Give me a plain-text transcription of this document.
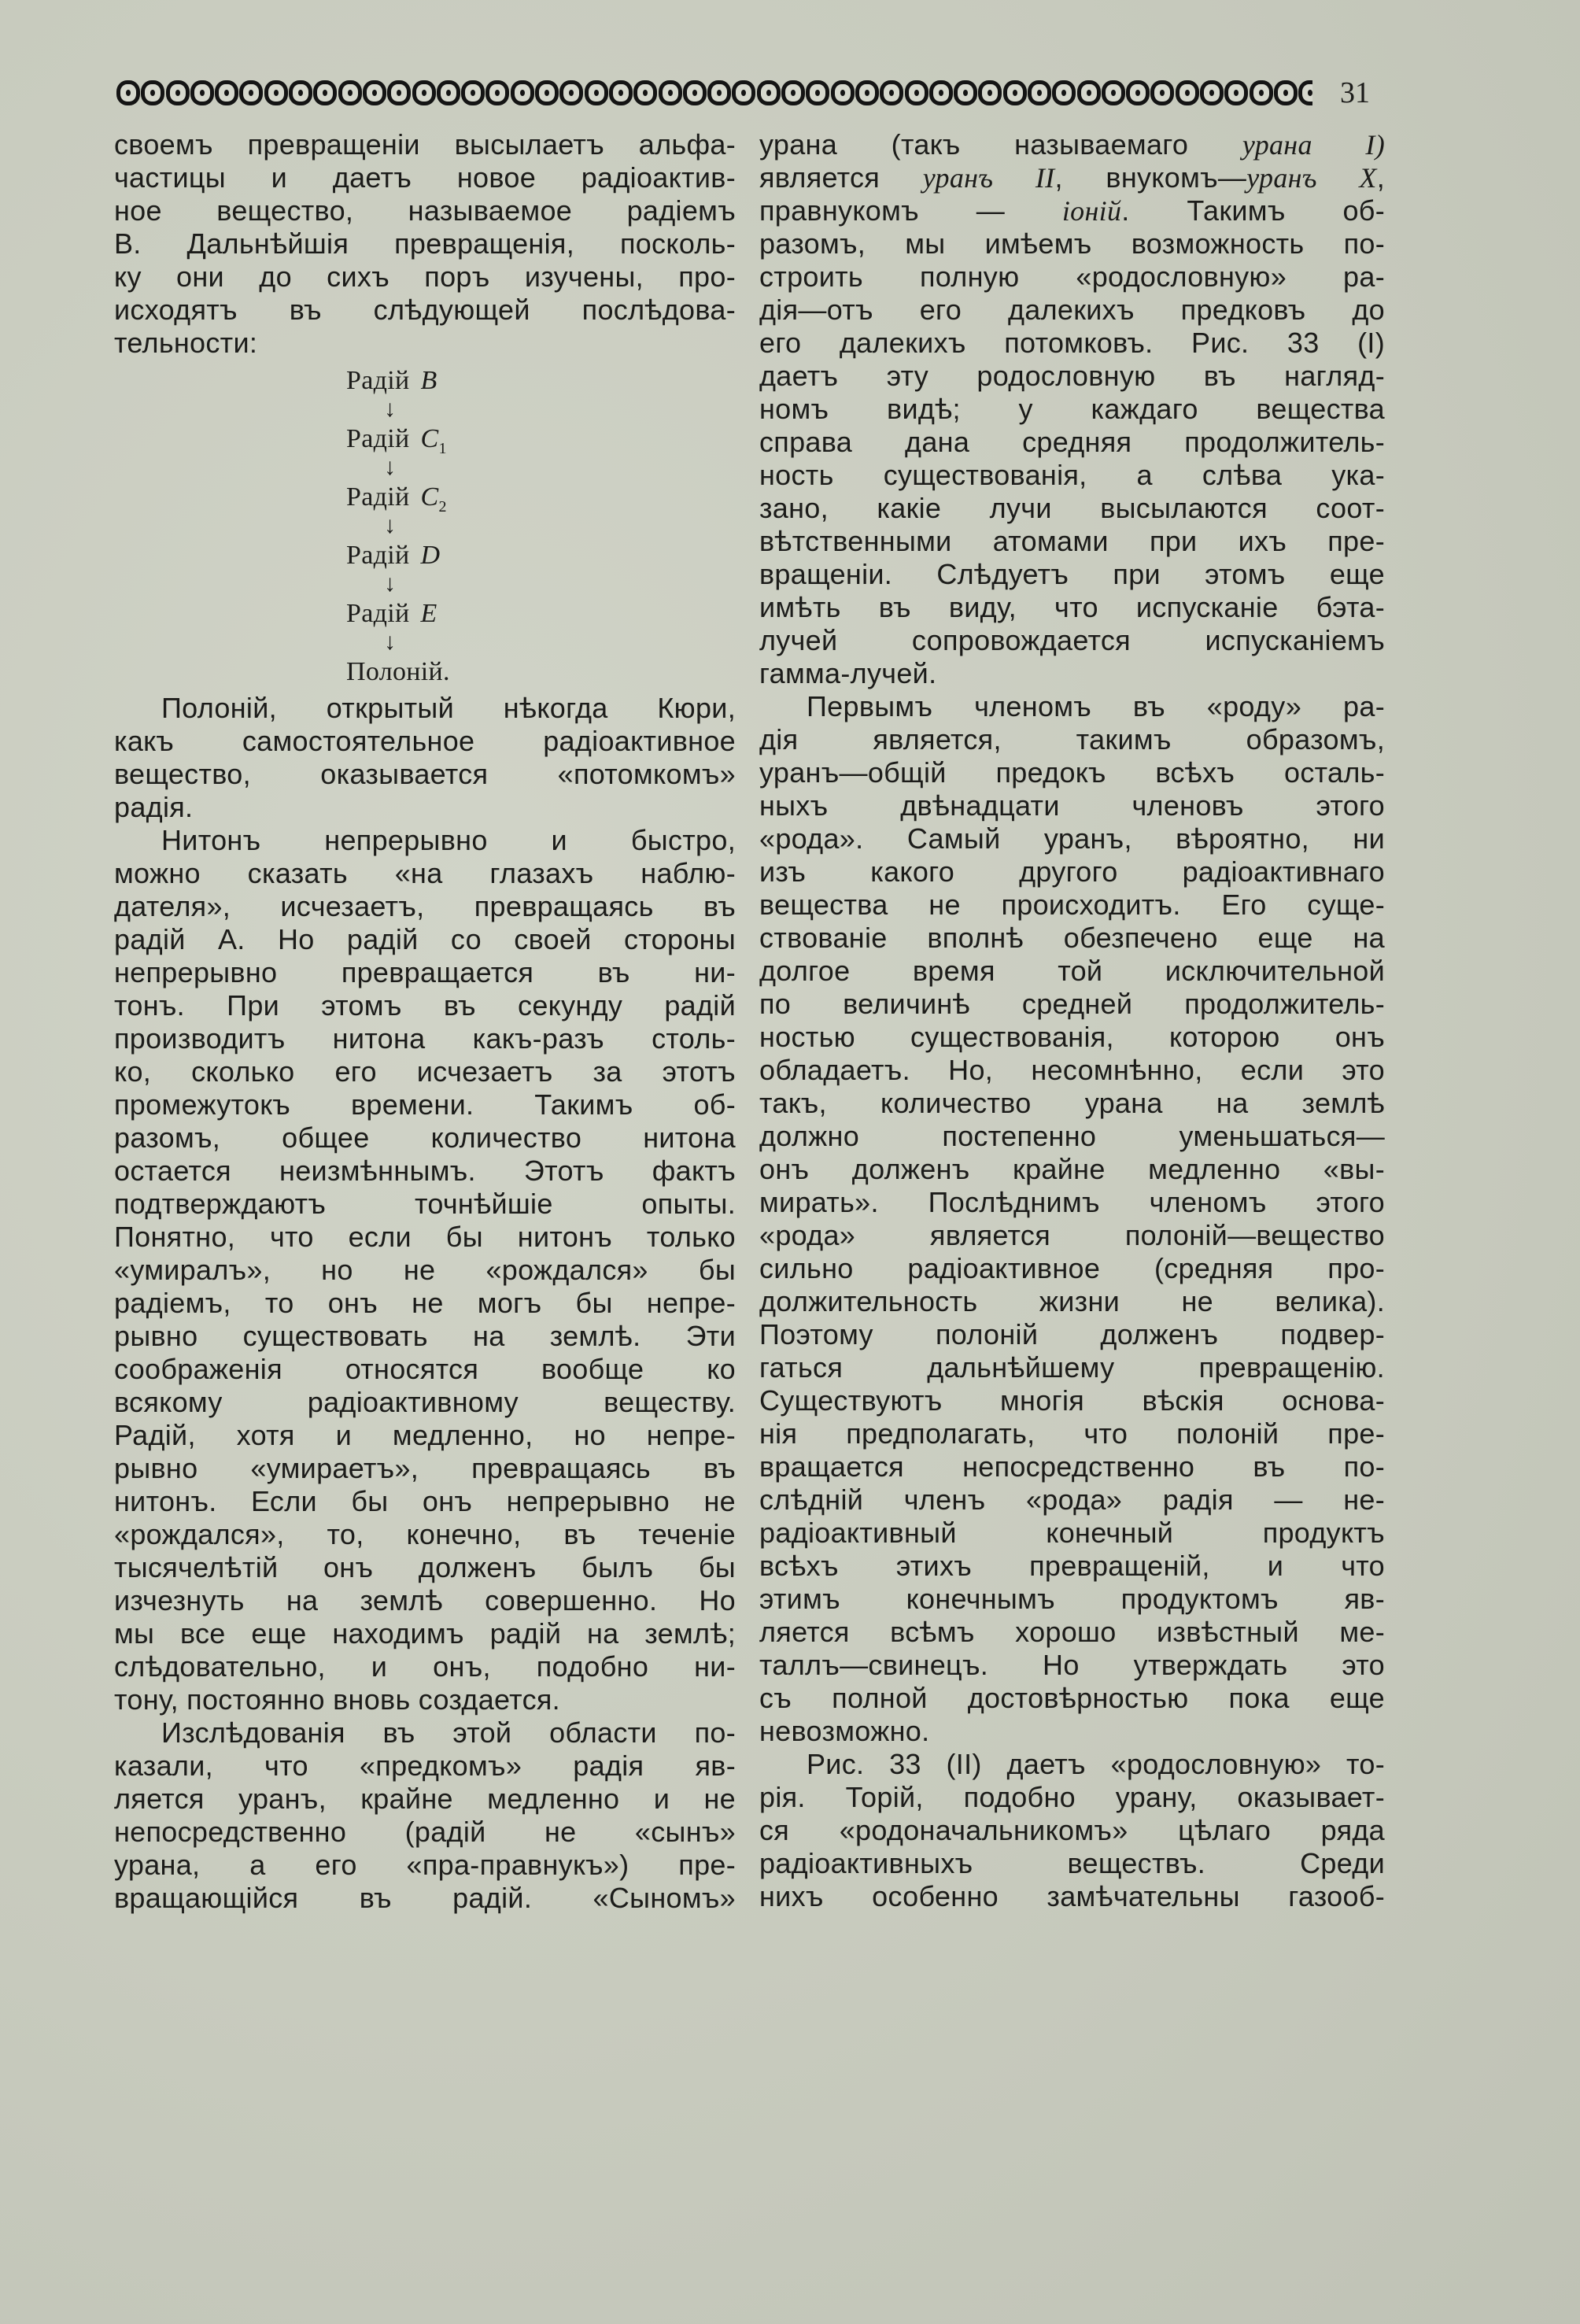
31
своемъ превращеніи высылаетъ альфа-
частицы и даетъ новое радіоактив-
ное вещество, называемое радіемъ
B. Дальнѣйшія превращенія, посколь-
ку они до сихъ поръ изучены, про-
исходятъ въ слѣдующей послѣдова-
тельности:
Радій B
↓
Радій $C_1$
↓
Радій $C_2$
↓
Радій D
↓
Радій E
↓
Полоній.
Полоній, открытый нѣкогда Кюри,
какъ самостоятельное радіоактивное
вещество, оказывается «потомкомъ»
радія.
Нитонъ непрерывно и быстро,
можно сказать «на глазахъ наблю-
дателя», исчезаетъ, превращаясь въ
радій A. Но радій со своей стороны
непрерывно превращается въ ни-
тонъ. При этомъ въ секунду радій
производитъ нитона какъ-разъ столь-
ко, сколько его исчезаетъ за этотъ
промежутокъ времени. Такимъ об-
разомъ, общее количество нитона
остается неизмѣннымъ. Этотъ фактъ
подтверждаютъ точнѣйшіе опыты.
Понятно, что если бы нитонъ только
«умиралъ», но не «рождался» бы
радіемъ, то онъ не могъ бы непре-
рывно существовать на землѣ. Эти
соображенія относятся вообще ко
всякому радіоактивному веществу.
Радій, хотя и медленно, но непре-
рывно «умираетъ», превращаясь въ
нитонъ. Если бы онъ непрерывно не
«рождался», то, конечно, въ теченіе
тысячелѣтій онъ долженъ былъ бы
изчезнуть на землѣ совершенно. Но
мы все еще находимъ радій на землѣ;
слѣдовательно, и онъ, подобно ни-
тону, постоянно вновь создается.
Изслѣдованія въ этой области по-
казали, что «предкомъ» радія яв-
ляется уранъ, крайне медленно и не
непосредственно (радій не «сынъ»
урана, а его «пра-правнукъ») пре-
вращающійся въ радій. «Сыномъ»
урана (такъ называемаго урана I)
является уранъ II, внукомъ—уранъ X,
правнукомъ — іоній. Такимъ об-
разомъ, мы имѣемъ возможность по-
строить полную «родословную» ра-
дія—отъ его далекихъ предковъ до
его далекихъ потомковъ. Рис. 33 (I)
даетъ эту родословную въ нагляд-
номъ видѣ; у каждаго вещества
справа дана средняя продолжитель-
ность существованія, а слѣва ука-
зано, какіе лучи высылаются соот-
вѣтственными атомами при ихъ пре-
вращеніи. Слѣдуетъ при этомъ еще
имѣть въ виду, что испусканіе бэта-
лучей сопровождается испусканіемъ
гамма-лучей.
Первымъ членомъ въ «роду» ра-
дія является, такимъ образомъ,
уранъ—общій предокъ всѣхъ осталь-
ныхъ двѣнадцати членовъ этого
«рода». Самый уранъ, вѣроятно, ни
изъ какого другого радіоактивнаго
вещества не происходитъ. Его суще-
ствованіе вполнѣ обезпечено еще на
долгое время той исключительной
по величинѣ средней продолжитель-
ностью существованія, которою онъ
обладаетъ. Но, несомнѣнно, если это
такъ, количество урана на землѣ
должно постепенно уменьшаться—
онъ долженъ крайне медленно «вы-
мирать». Послѣднимъ членомъ этого
«рода» является полоній—вещество
сильно радіоактивное (средняя про-
должительность жизни не велика).
Поэтому полоній долженъ подвер-
гаться дальнѣйшему превращенію.
Существуютъ многія вѣскія основа-
нія предполагать, что полоній пре-
вращается непосредственно въ по-
слѣдній членъ «рода» радія — не-
радіоактивный конечный продуктъ
всѣхъ этихъ превращеній, и что
этимъ конечнымъ продуктомъ яв-
ляется всѣмъ хорошо извѣстный ме-
таллъ—свинецъ. Но утверждать это
съ полной достовѣрностью пока еще
невозможно.
Рис. 33 (II) даетъ «родословную» то-
рія. Торій, подобно урану, оказывает-
ся «родоначальникомъ» цѣлаго ряда
радіоактивныхъ веществъ. Среди
нихъ особенно замѣчательны газооб-
